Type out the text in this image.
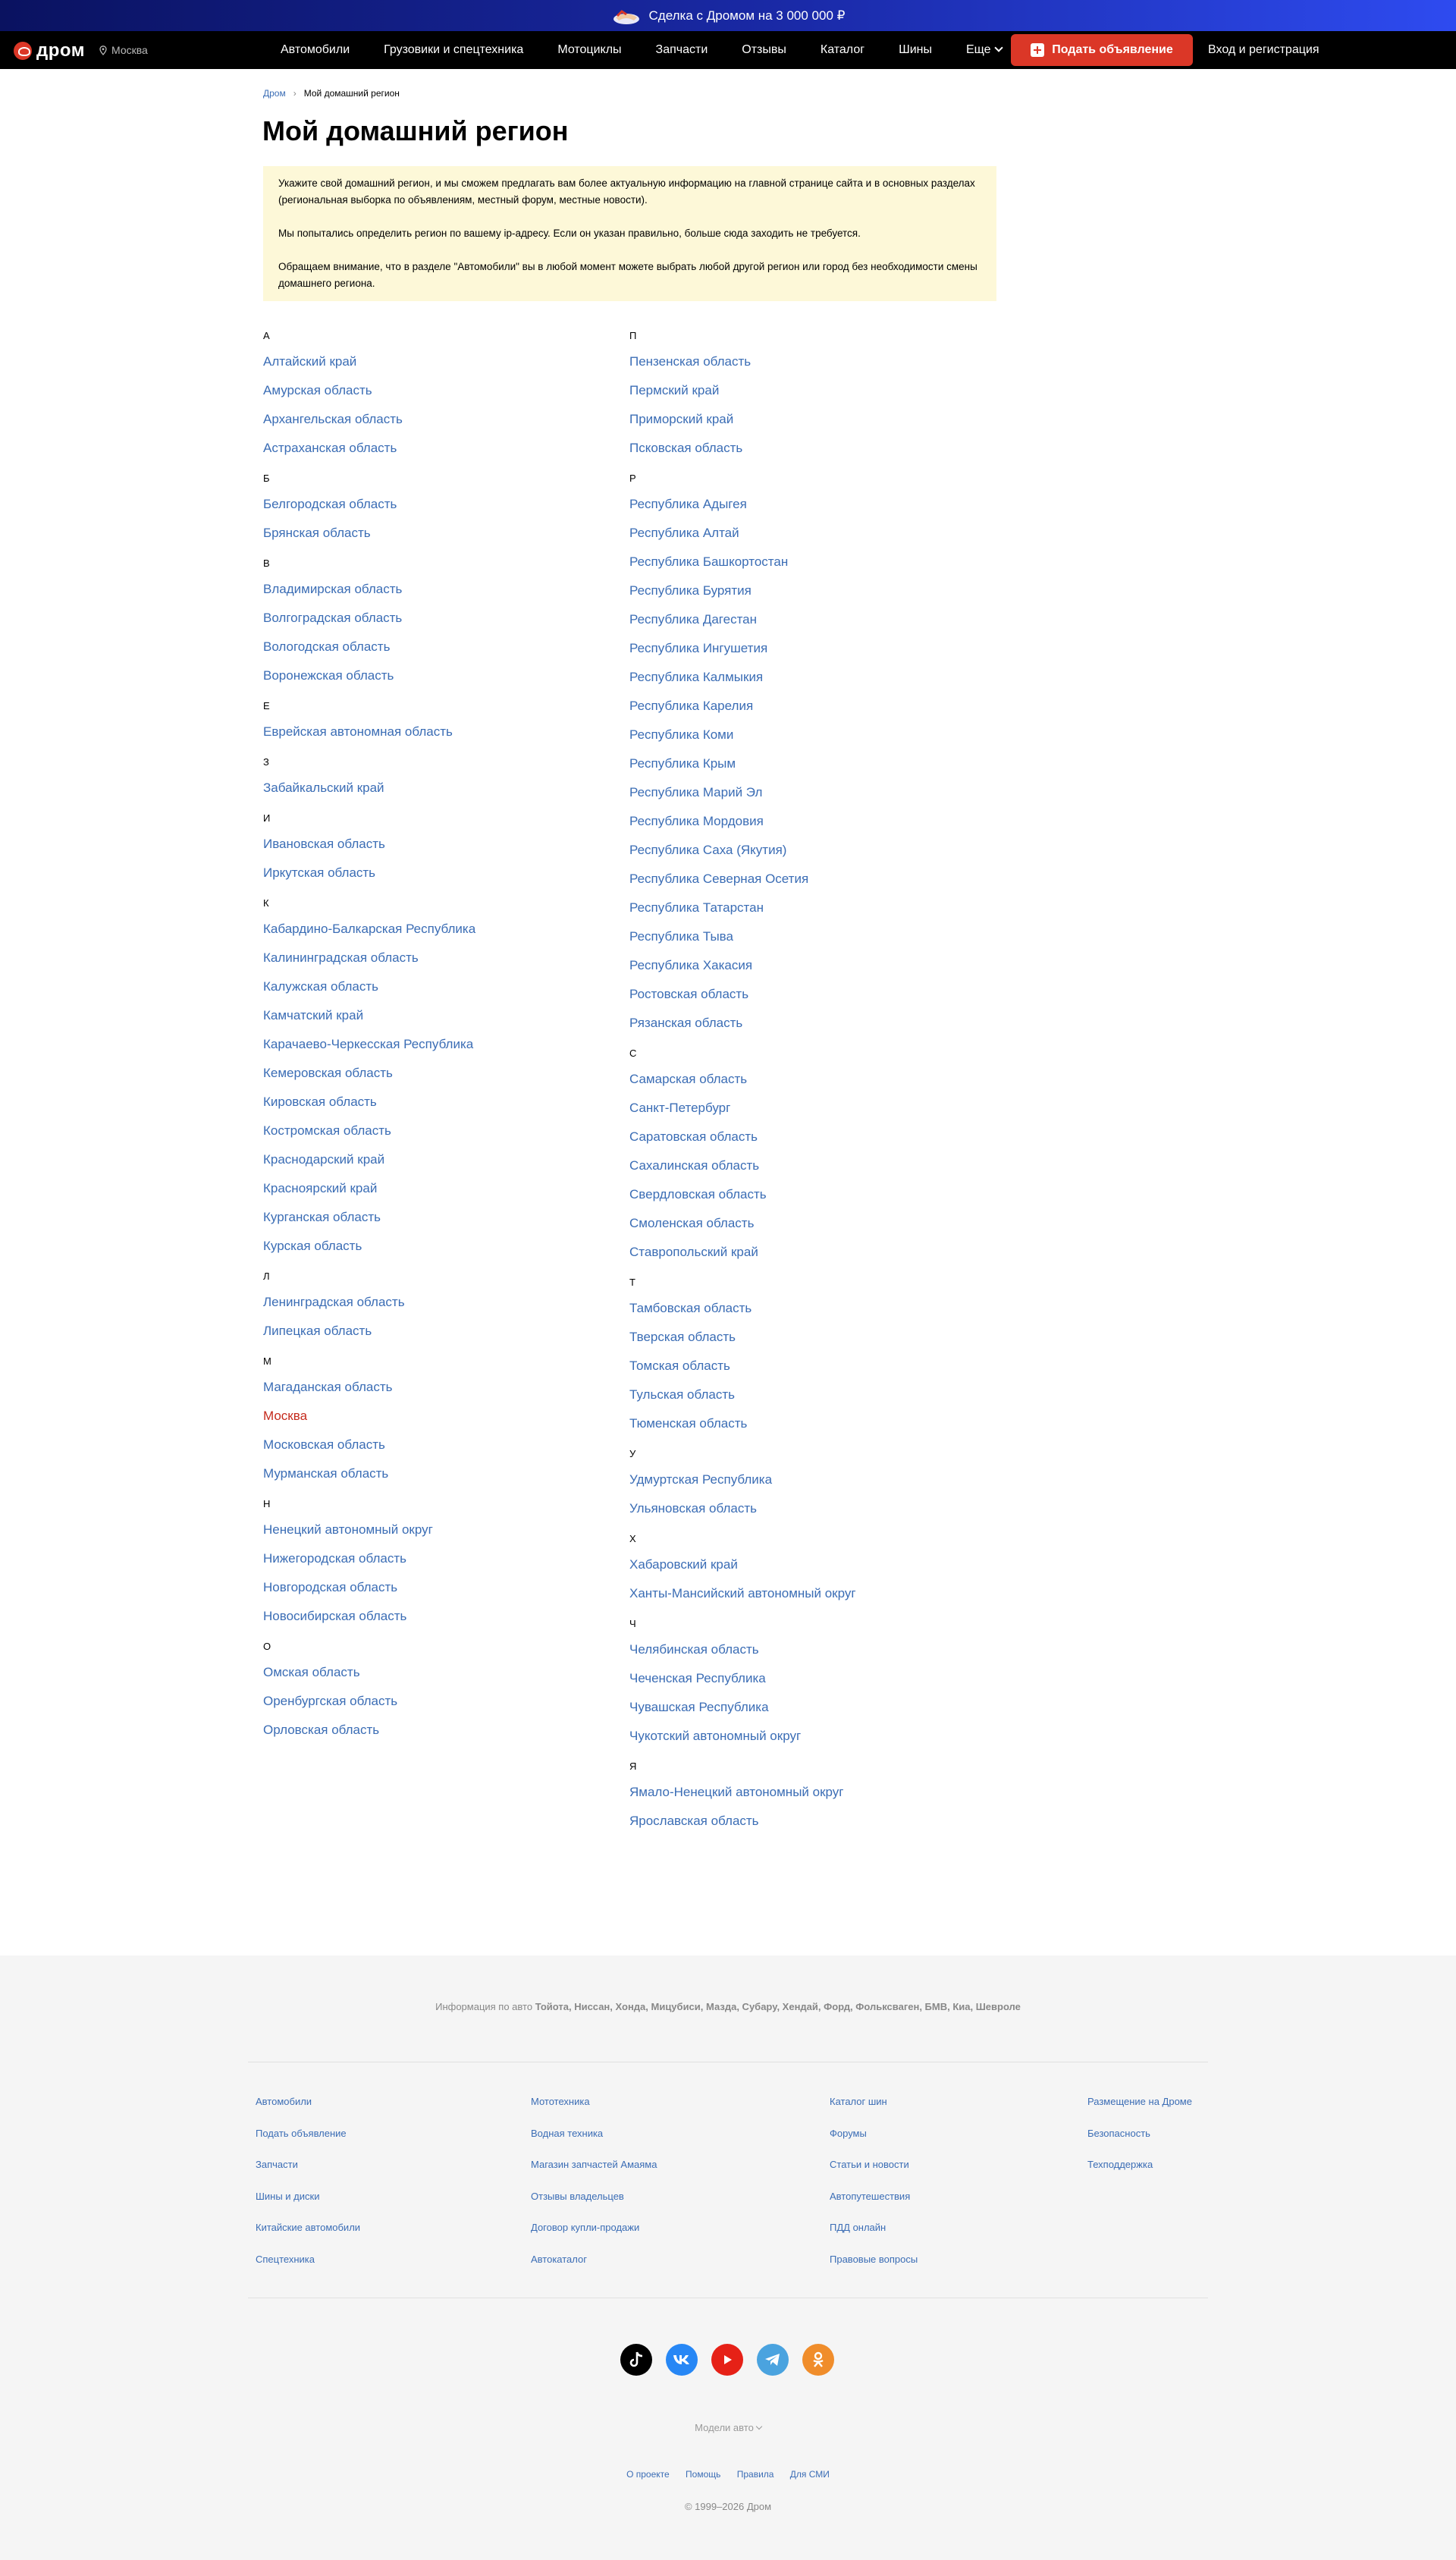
Сделка с Дромом на 3 000 000 ₽
дром	Москва	Автомобили	Грузовики и спецтехника	Мотоциклы	Запчасти	Отзывы	Каталог	Шины	Еще	Подать объявление	Вход и регистрация
Дром › Мой домашний регион
Мой домашний регион

Укажите свой домашний регион, и мы сможем предлагать вам более актуальную информацию на главной странице сайта и в основных разделах (региональная выборка по объявлениям, местный форум, местные новости).

Мы попытались определить регион по вашему ip-адресу. Если он указан правильно, больше сюда заходить не требуется.

Обращаем внимание, что в разделе "Автомобили" вы в любой момент можете выбрать любой другой регион или город без необходимости смены домашнего региона.

А
Алтайский край
Амурская область
Архангельская область
Астраханская область
Б
Белгородская область
Брянская область
В
Владимирская область
Волгоградская область
Вологодская область
Воронежская область
Е
Еврейская автономная область
З
Забайкальский край
И
Ивановская область
Иркутская область
К
Кабардино-Балкарская Республика
Калининградская область
Калужская область
Камчатский край
Карачаево-Черкесская Республика
Кемеровская область
Кировская область
Костромская область
Краснодарский край
Красноярский край
Курганская область
Курская область
Л
Ленинградская область
Липецкая область
М
Магаданская область
Москва
Московская область
Мурманская область
Н
Ненецкий автономный округ
Нижегородская область
Новгородская область
Новосибирская область
О
Омская область
Оренбургская область
Орловская область
П
Пензенская область
Пермский край
Приморский край
Псковская область
Р
Республика Адыгея
Республика Алтай
Республика Башкортостан
Республика Бурятия
Республика Дагестан
Республика Ингушетия
Республика Калмыкия
Республика Карелия
Республика Коми
Республика Крым
Республика Марий Эл
Республика Мордовия
Республика Саха (Якутия)
Республика Северная Осетия
Республика Татарстан
Республика Тыва
Республика Хакасия
Ростовская область
Рязанская область
С
Самарская область
Санкт-Петербург
Саратовская область
Сахалинская область
Свердловская область
Смоленская область
Ставропольский край
Т
Тамбовская область
Тверская область
Томская область
Тульская область
Тюменская область
У
Удмуртская Республика
Ульяновская область
Х
Хабаровский край
Ханты-Мансийский автономный округ
Ч
Челябинская область
Чеченская Республика
Чувашская Республика
Чукотский автономный округ
Я
Ямало-Ненецкий автономный округ
Ярославская область
Информация по авто Тойота, Ниссан, Хонда, Мицубиси, Мазда, Субару, Хендай, Форд, Фольксваген, БМВ, Киа, Шевроле
Автомобили
Подать объявление
Запчасти
Шины и диски
Китайские автомобили
Спецтехника
Мототехника
Водная техника
Магазин запчастей Амаяма
Отзывы владельцев
Договор купли-продажи
Автокаталог
Каталог шин
Форумы
Статьи и новости
Автопутешествия
ПДД онлайн
Правовые вопросы
Размещение на Дроме
Безопасность
Техподдержка
Модели авто
О проекте Помощь Правила Для СМИ
© 1999–2026 Дром
